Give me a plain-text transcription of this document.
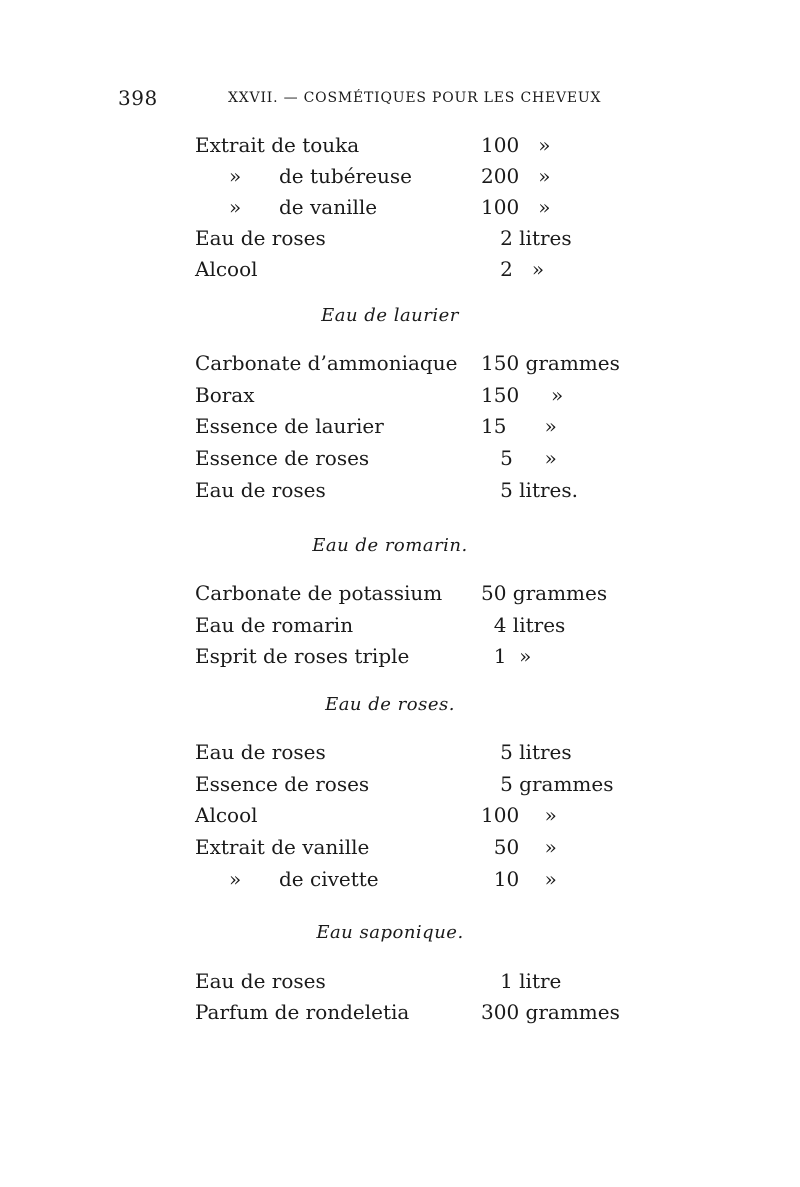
398	XXVII. — COSMÉTIQUES POUR LES CHEVEUX
Extrait de touka	100   »
» de tubéreuse	200   »
» de vanille	100   »
Eau de roses	2 litres
Alcool	2   »
Eau de laurier
Carbonate d’ammoniaque 150 grammes
Borax	150     »
Essence de laurier	15      »
Essence de roses	5     »
Eau de roses	5 litres.
Eau de romarin.
Carbonate de potassium 50 grammes
Eau de romarin	4 litres
Esprit de roses triple	1  »
Eau de roses.
Eau de roses	5 litres
Essence de roses	5 grammes
Alcool	100    »
Extrait de vanille	50    »
» de civette	10    »
Eau saponique.
Eau de roses	1 litre
Parfum de rondeletia	300 grammes
